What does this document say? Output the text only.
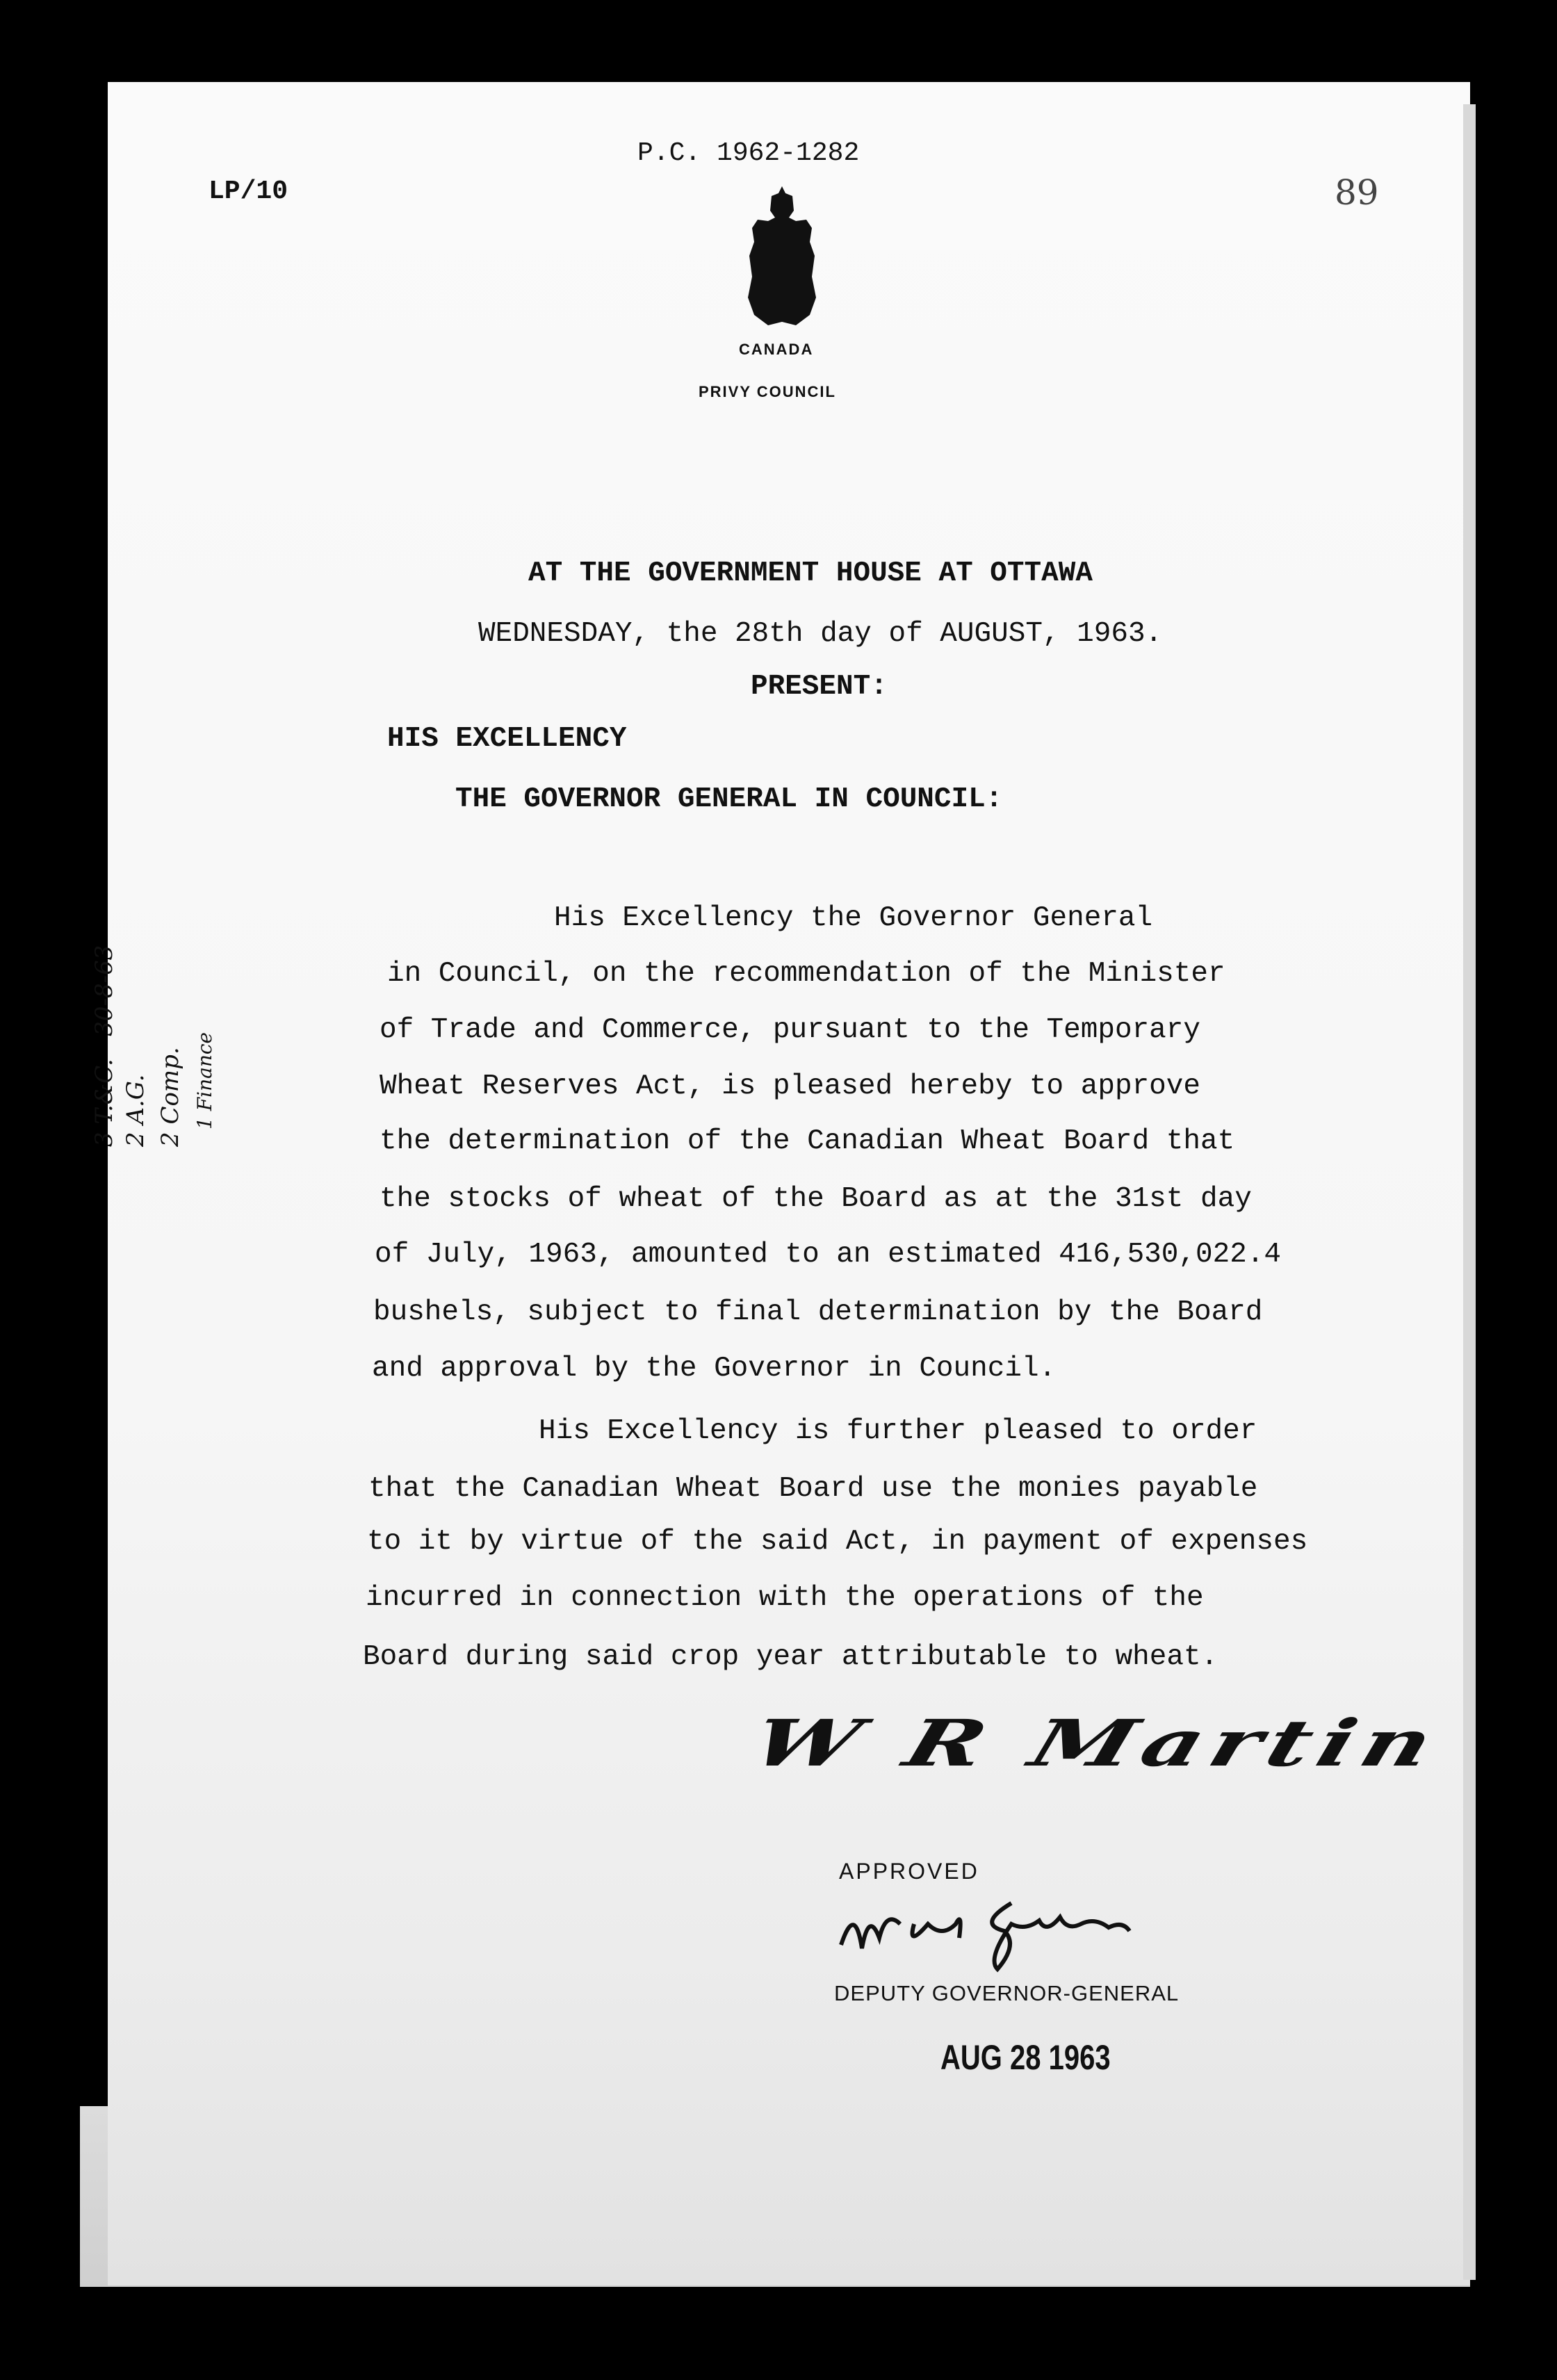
LP/10
P.C. 1962-1282
89
CANADA
PRIVY COUNCIL
AT THE GOVERNMENT HOUSE AT OTTAWA
WEDNESDAY, the 28th day of AUGUST, 1963.
PRESENT:
HIS EXCELLENCY
THE GOVERNOR GENERAL IN COUNCIL:
His Excellency the Governor General
in Council, on the recommendation of the Minister
of Trade and Commerce, pursuant to the Temporary
Wheat Reserves Act, is pleased hereby to approve
the determination of the Canadian Wheat Board that
the stocks of wheat of the Board as at the 31st day
of July, 1963, amounted to an estimated 416,530,022.4
bushels, subject to final determination by the Board
and approval by the Governor in Council.
His Excellency is further pleased to order
that the Canadian Wheat Board use the monies payable
to it by virtue of the said Act, in payment of expenses
incurred in connection with the operations of the
Board during said crop year attributable to wheat.
W R Martin
APPROVED
DEPUTY GOVERNOR-GENERAL
AUG 28 1963
3 T.&C.   30-8-63 2 A.G. 2 Comp. 1 Finance
